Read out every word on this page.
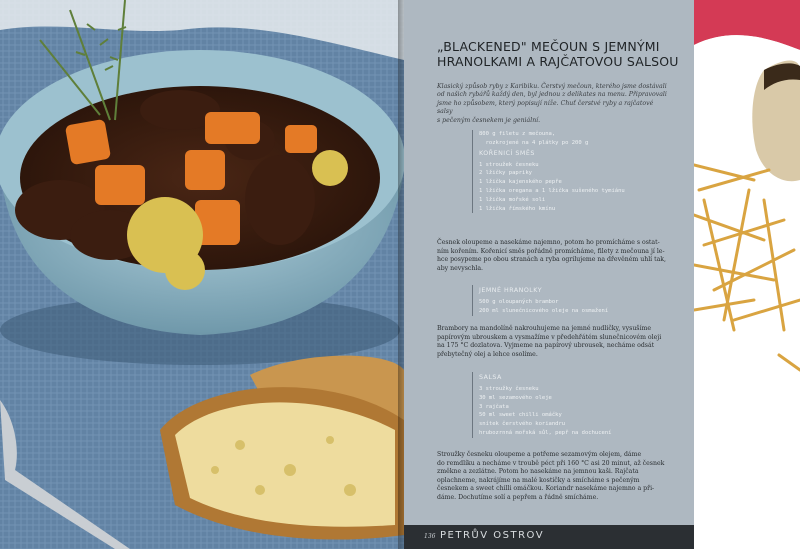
„BLACKENED" MEČOUN S JEMNÝMI
HRANOLKAMI A RAJČATOVOU SALSOU

Klasický způsob ryby z Karibiku. Čerstvý mečoun, kterého jsme dostávali
od našich rybářů každý den, byl jednou z delikates na menu. Připravovali
jsme ho způsobem, který popisují níže. Chuť čerstvé ryby a rajčatové salsy
s pečeným česnekem je geniální.

800 g filetu z mečouna,
rozkrojené na 4 plátky po 200 g
KOŘENICÍ SMĚS
1 stroužek česneku
2 lžičky papriky
1 lžička kajenského pepře
1 lžička oregana a 1 lžička sušeného tymiánu
1 lžička mořské soli
1 lžička římského kmínu

Česnek oloupeme a nasekáme najemno, potom ho promícháme s ostat-
ním kořením. Kořenicí směs pořádně promícháme, filety z mečouna jí le-
hce posypeme po obou stranách a ryba ogrilujeme na dřevěném uhlí tak,
aby nevyschla.

JEMNÉ HRANOLKY
500 g oloupaných brambor
200 ml slunečnicového oleje na osmažení

Brambory na mandolíně nakrouhujeme na jemné nudličky, vysušíme
papírovým ubrouskem a vysmažíme v předehřátém slunečnicovém oleji
na 175 °C dozlatova. Vyjmeme na papírový ubrousek, necháme odsát
přebytečný olej a lehce osolíme.

SALSA
3 stroužky česneku
30 ml sezamového oleje
3 rajčata
50 ml sweet chilli omáčky
snítek čerstvého koriandru
hrubozrnná mořská sůl, pepř na dochucení

Stroužky česneku oloupeme a potřeme sezamovým olejem, dáme
do remdlíku a necháme v troubě péct při 160 °C asi 20 minut, až česnek
změkne a zezlátne. Potom ho nasekáme na jemnou kaši. Rajčata
oplachneme, nakrájíme na malé kostičky a smícháme s pečeným
česnekem a sweet chilli omáčkou. Koriandr nasekáme najemno a při-
dáme. Dochutíme solí a pepřem a řádně smícháme.

136 PETRŮV OSTROV
